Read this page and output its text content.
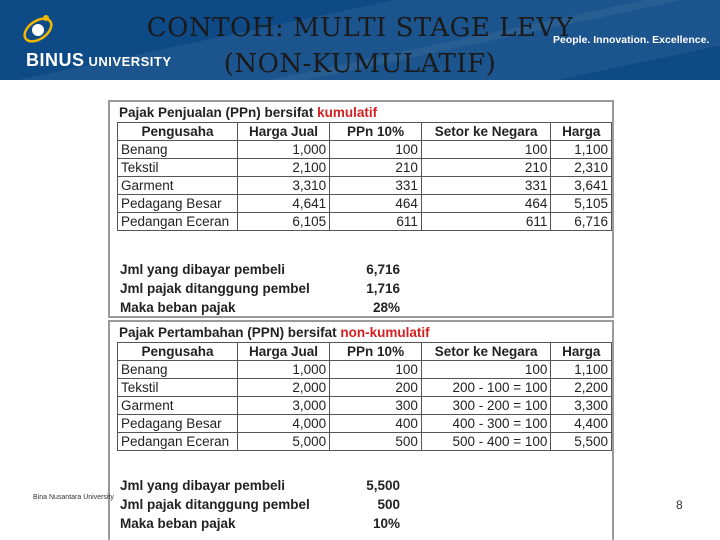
BINUS UNIVERSITY
People. Innovation. Excellence.
CONTOH: MULTI STAGE LEVY
(NON-KUMULATIF)
Pajak Penjualan (PPn) bersifat kumulatif
Pengusaha	Harga Jual	PPn 10%	Setor ke Negara	Harga
Benang	1,000	100	100	1,100
Tekstil	2,100	210	210	2,310
Garment	3,310	331	331	3,641
Pedagang Besar	4,641	464	464	5,105
Pedangan Eceran	6,105	611	611	6,716
Jml yang dibayar pembeli	6,716
Jml pajak ditanggung pembel	1,716
Maka beban pajak	28%
Pajak Pertambahan (PPN) bersifat non-kumulatif
Pengusaha	Harga Jual	PPn 10%	Setor ke Negara	Harga
Benang	1,000	100	100	1,100
Tekstil	2,000	200	200 - 100 = 100	2,200
Garment	3,000	300	300 - 200 = 100	3,300
Pedagang Besar	4,000	400	400 - 300 = 100	4,400
Pedangan Eceran	5,000	500	500 - 400 = 100	5,500
Jml yang dibayar pembeli	5,500
Jml pajak ditanggung pembel	500
Maka beban pajak	10%
Bina Nusantara University
8
